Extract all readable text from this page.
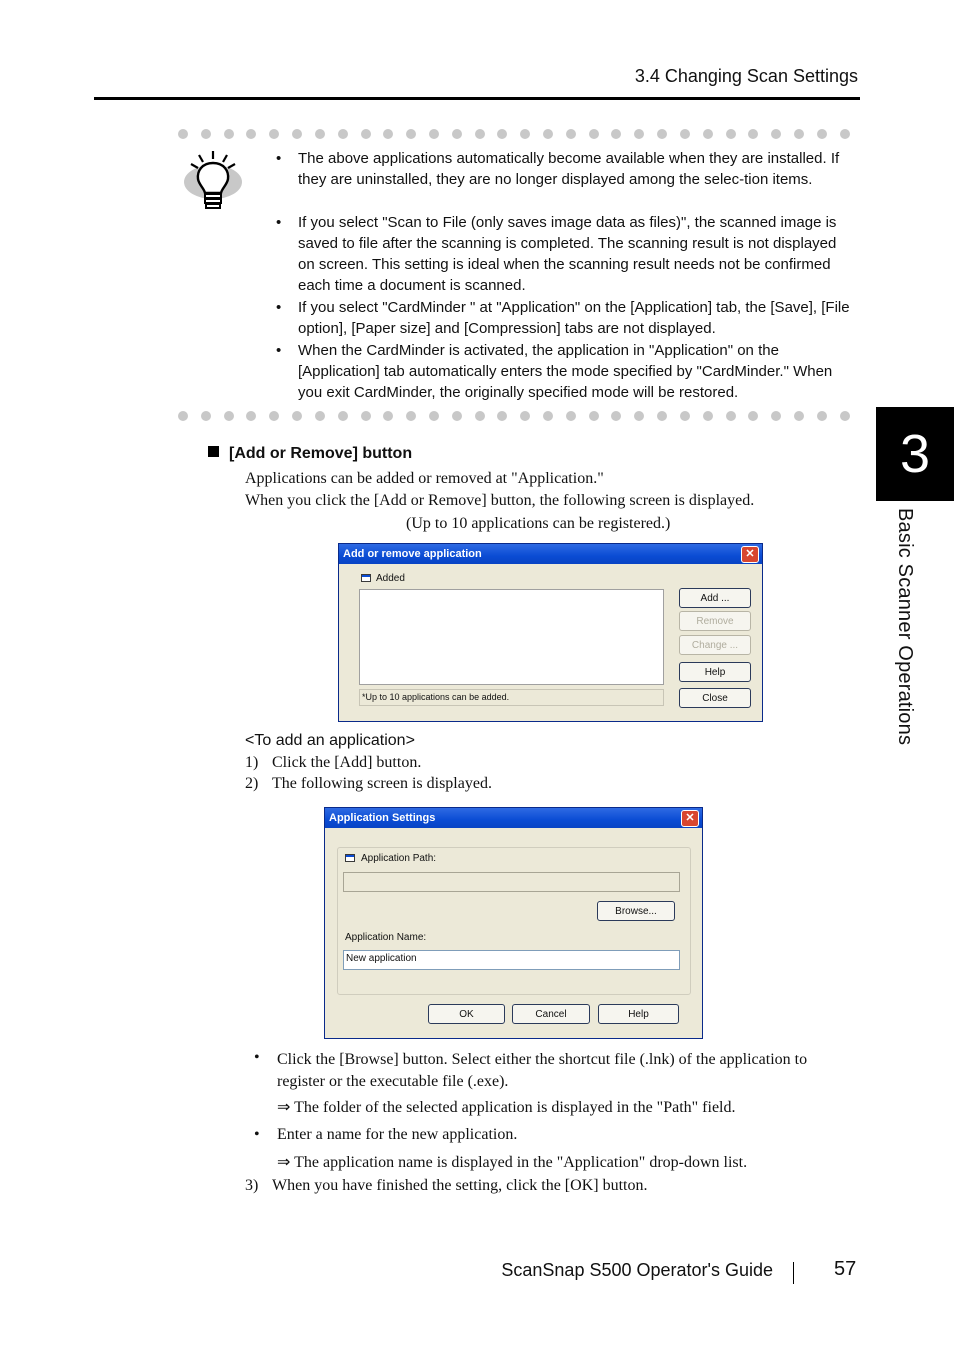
3.4 Changing Scan Settings
3
Basic Scanner Operations
• The above applications automatically become available when they are installed. If they are uninstalled, they are no longer displayed among the selec-tion items.
• If you select "Scan to File (only saves image data as files)", the scanned image is saved to file after the scanning is completed. The scanning result is not displayed on screen. This setting is ideal when the scanning result needs not be confirmed each time a document is scanned.
• If you select "CardMinder " at "Application" on the [Application] tab, the [Save], [File option], [Paper size] and [Compression] tabs are not displayed.
• When the CardMinder is activated, the application in "Application" on the [Application] tab automatically enters the mode specified by "CardMinder." When you exit CardMinder, the originally specified mode will be restored.
[Add or Remove] button
Applications can be added or removed at "Application."
When you click the [Add or Remove] button, the following screen is displayed.
(Up to 10 applications can be registered.)
Add or remove application	✕
Added
*Up to 10 applications can be added.
Add ...
Remove
Change ...
Help
Close
<To add an application>
1) Click the [Add] button.
2) The following screen is displayed.
Application Settings	✕
Application Path:
Browse...
Application Name:
New application
OK	Cancel	Help
• Click the [Browse] button. Select either the shortcut file (.lnk) of the application to register or the executable file (.exe).
⇒ The folder of the selected application is displayed in the "Path" field.
• Enter a name for the new application.
⇒ The application name is displayed in the "Application" drop-down list.
3) When you have finished the setting, click the [OK] button.
ScanSnap S500 Operator's Guide	57
